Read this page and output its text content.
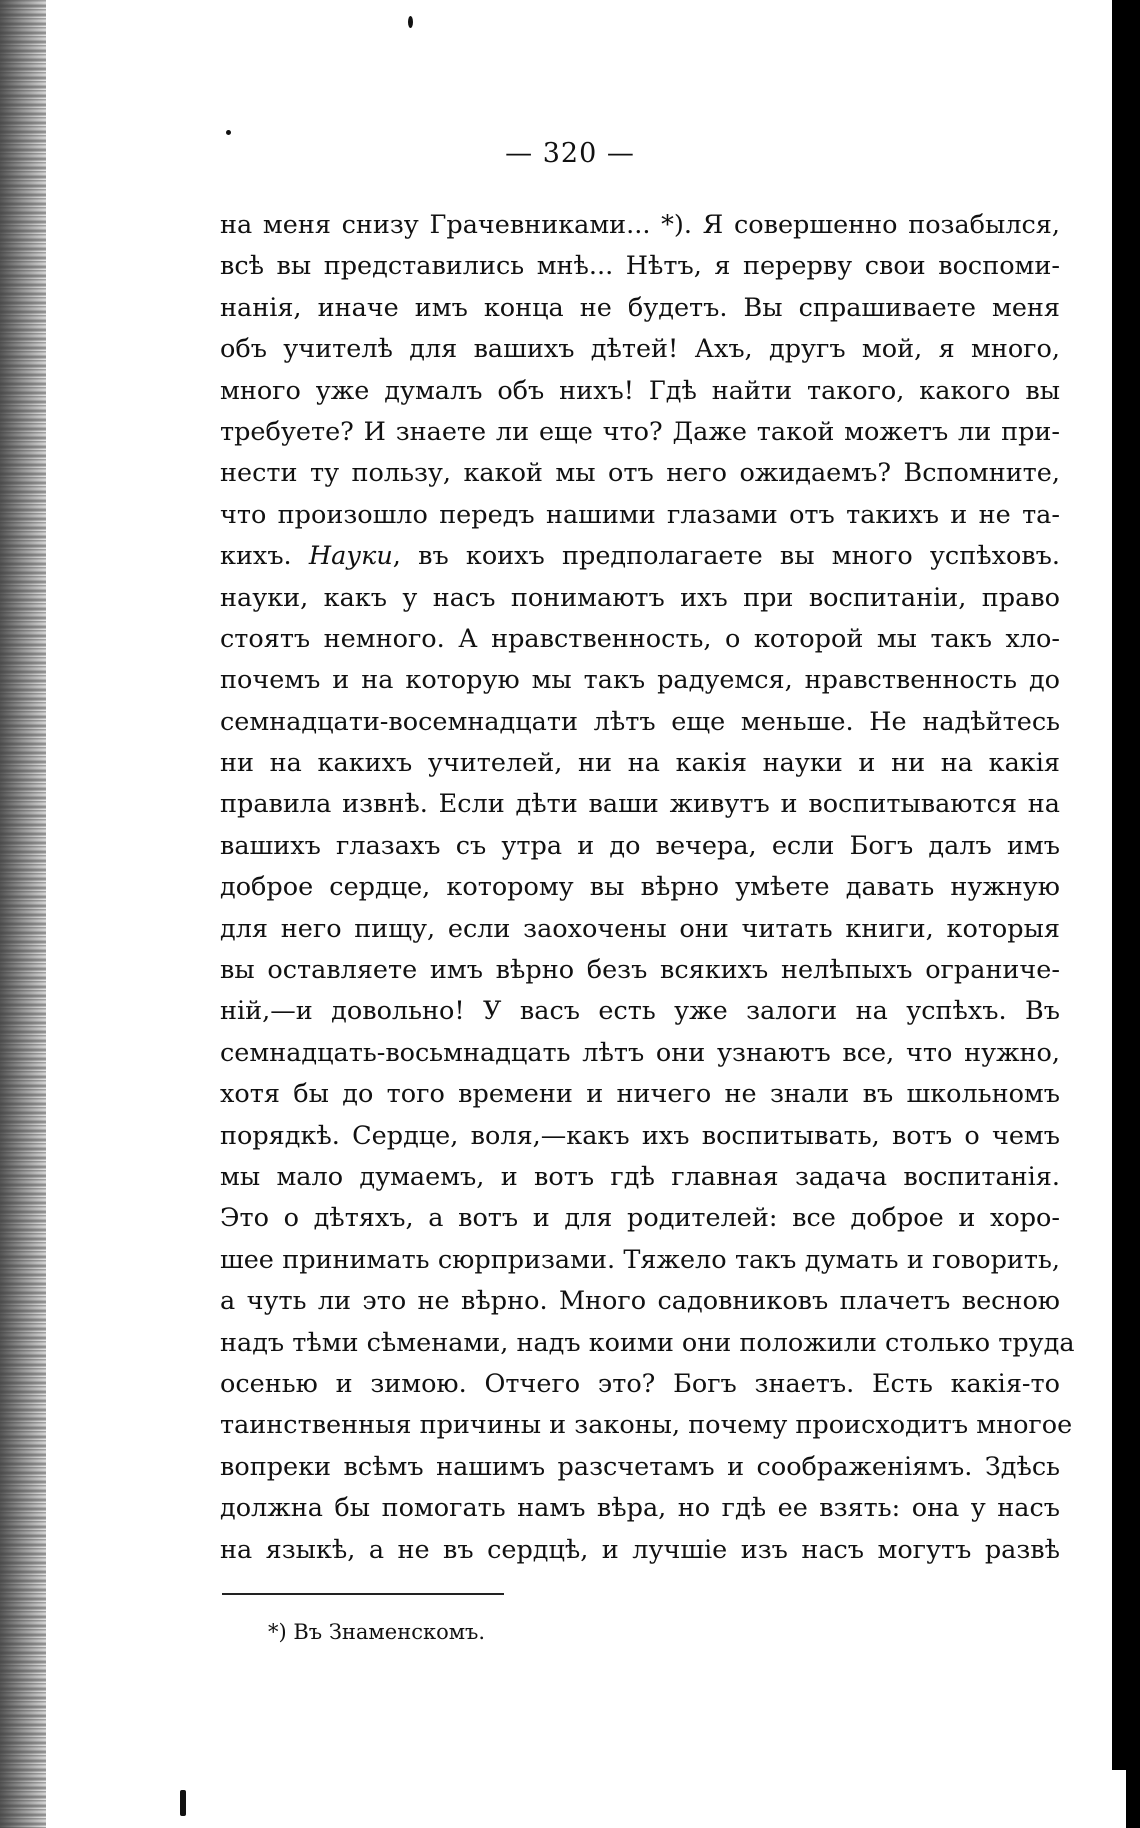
— 320 —
на меня снизу Грачевниками... *). Я совершенно позабылся,
всѣ вы представились мнѣ... Нѣтъ, я перерву свои воспоми-
нанія, иначе имъ конца не будетъ. Вы спрашиваете меня
объ учителѣ для вашихъ дѣтей! Ахъ, другъ мой, я много,
много уже думалъ объ нихъ! Гдѣ найти такого, какого вы
требуете? И знаете ли еще что? Даже такой можетъ ли при-
нести ту пользу, какой мы отъ него ожидаемъ? Вспомните,
что произошло передъ нашими глазами отъ такихъ и не та-
кихъ. Науки, въ коихъ предполагаете вы много успѣховъ.
науки, какъ у насъ понимаютъ ихъ при воспитаніи, право
стоятъ немного. А нравственность, о которой мы такъ хло-
почемъ и на которую мы такъ радуемся, нравственность до
семнадцати-восемнадцати лѣтъ еще меньше. Не надѣйтесь
ни на какихъ учителей, ни на какія науки и ни на какія
правила извнѣ. Если дѣти ваши живутъ и воспитываются на
вашихъ глазахъ съ утра и до вечера, если Богъ далъ имъ
доброе сердце, которому вы вѣрно умѣете давать нужную
для него пищу, если заохочены они читать книги, которыя
вы оставляете имъ вѣрно безъ всякихъ нелѣпыхъ ограниче-
ній,—и довольно! У васъ есть уже залоги на успѣхъ. Въ
семнадцать-восьмнадцать лѣтъ они узнаютъ все, что нужно,
хотя бы до того времени и ничего не знали въ школьномъ
порядкѣ. Сердце, воля,—какъ ихъ воспитывать, вотъ о чемъ
мы мало думаемъ, и вотъ гдѣ главная задача воспитанія.
Это о дѣтяхъ, а вотъ и для родителей: все доброе и хоро-
шее принимать сюрпризами. Тяжело такъ думать и говорить,
а чуть ли это не вѣрно. Много садовниковъ плачетъ весною
надъ тѣми сѣменами, надъ коими они положили столько труда
осенью и зимою. Отчего это? Богъ знаетъ. Есть какія-то
таинственныя причины и законы, почему происходитъ многое
вопреки всѣмъ нашимъ разсчетамъ и соображеніямъ. Здѣсь
должна бы помогать намъ вѣра, но гдѣ ее взять: она у насъ
на языкѣ, а не въ сердцѣ, и лучшіе изъ насъ могутъ развѣ
*) Въ Знаменскомъ.
